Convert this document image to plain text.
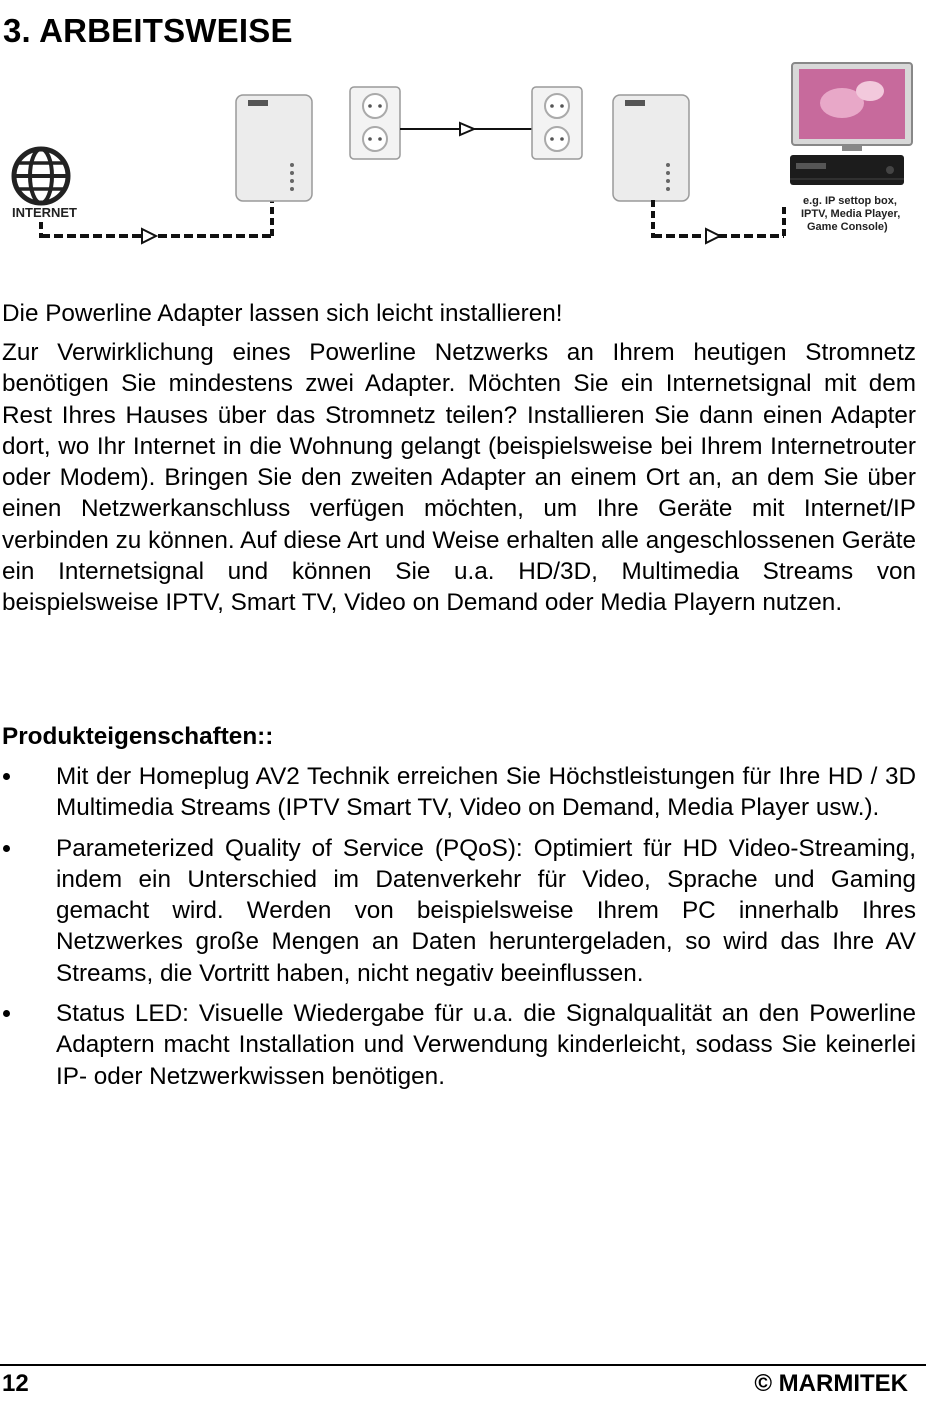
3. ARBEITSWEISE
INTERNET
e.g. IP settop box,
IPTV, Media Player,
Game Console)

Die Powerline Adapter lassen sich leicht installieren!

Zur Verwirklichung eines Powerline Netzwerks an Ihrem heutigen Stromnetz benötigen Sie mindestens zwei Adapter. Möchten Sie ein Internetsignal mit dem Rest Ihres Hauses über das Stromnetz teilen? Installieren Sie dann einen Adapter dort, wo Ihr Internet in die Wohnung gelangt (beispielsweise bei Ihrem Internetrouter oder Modem). Bringen Sie den zweiten Adapter an einem Ort an, an dem Sie über einen Netzwerkanschluss verfügen möchten, um Ihre Geräte mit Internet/IP verbinden zu können. Auf diese Art und Weise erhalten alle angeschlossenen Geräte ein Internetsignal und können Sie u.a. HD/3D, Multimedia Streams von beispielsweise IPTV, Smart TV, Video on Demand oder Media Playern nutzen.

Produkteigenschaften::

Mit der Homeplug AV2 Technik erreichen Sie Höchstleistungen für Ihre HD / 3D Multimedia Streams (IPTV Smart TV, Video on Demand, Media Player usw.).
Parameterized Quality of Service (PQoS): Optimiert für HD Video-Streaming, indem ein Unterschied im Datenverkehr für Video, Sprache und Gaming gemacht wird. Werden von beispielsweise Ihrem PC innerhalb Ihres Netzwerkes große Mengen an Daten heruntergeladen, so wird das Ihre AV Streams, die Vortritt haben, nicht negativ beeinflussen.
Status LED: Visuelle Wiedergabe für u.a. die Signalqualität an den Powerline Adaptern macht Installation und Verwendung kinderleicht, sodass Sie keinerlei IP- oder Netzwerkwissen benötigen.

12	© MARMITEK
